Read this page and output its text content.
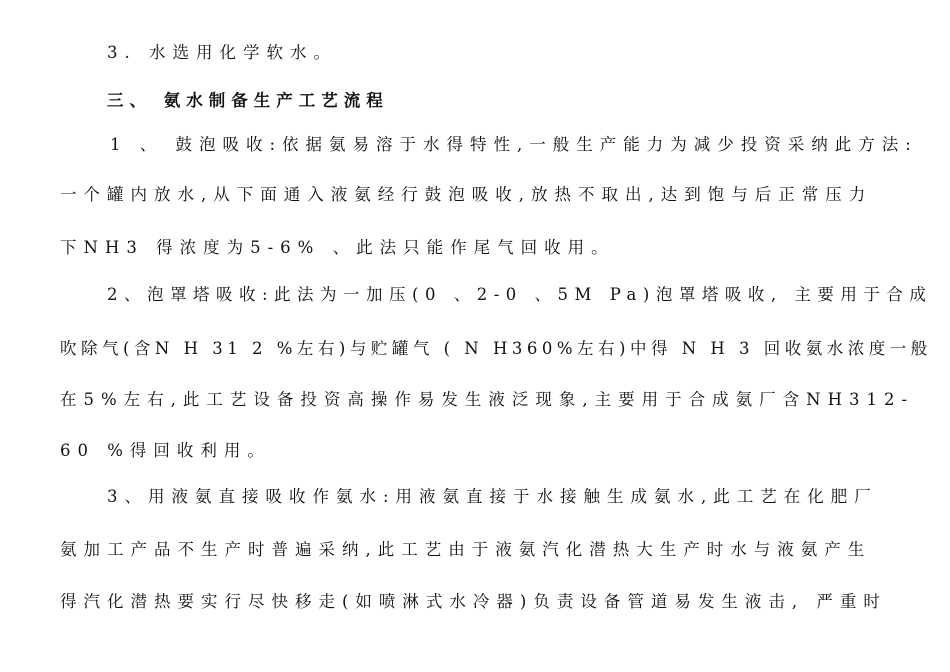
3. 水选用化学软水。
三、 氨水制备生产工艺流程
1 、 鼓泡吸收:依据氨易溶于水得特性,一般生产能力为减少投资采纳此方法:
一个罐内放水,从下面通入液氨经行鼓泡吸收,放热不取出,达到饱与后正常压力
下NH3 得浓度为5-6% 、此法只能作尾气回收用。
2、泡罩塔吸收:此法为一加压(0 、2-0 、5M Pa)泡罩塔吸收, 主要用于合成
吹除气(含N H 31 2 %左右)与贮罐气 ( N H360%左右)中得 N H 3 回收氨水浓度一般
在5%左右,此工艺设备投资高操作易发生液泛现象,主要用于合成氨厂含NH312-
60 %得回收利用。
3、用液氨直接吸收作氨水:用液氨直接于水接触生成氨水,此工艺在化肥厂
氨加工产品不生产时普遍采纳,此工艺由于液氨汽化潜热大生产时水与液氨产生
得汽化潜热要实行尽快移走(如喷淋式水冷器)负责设备管道易发生液击, 严重时
